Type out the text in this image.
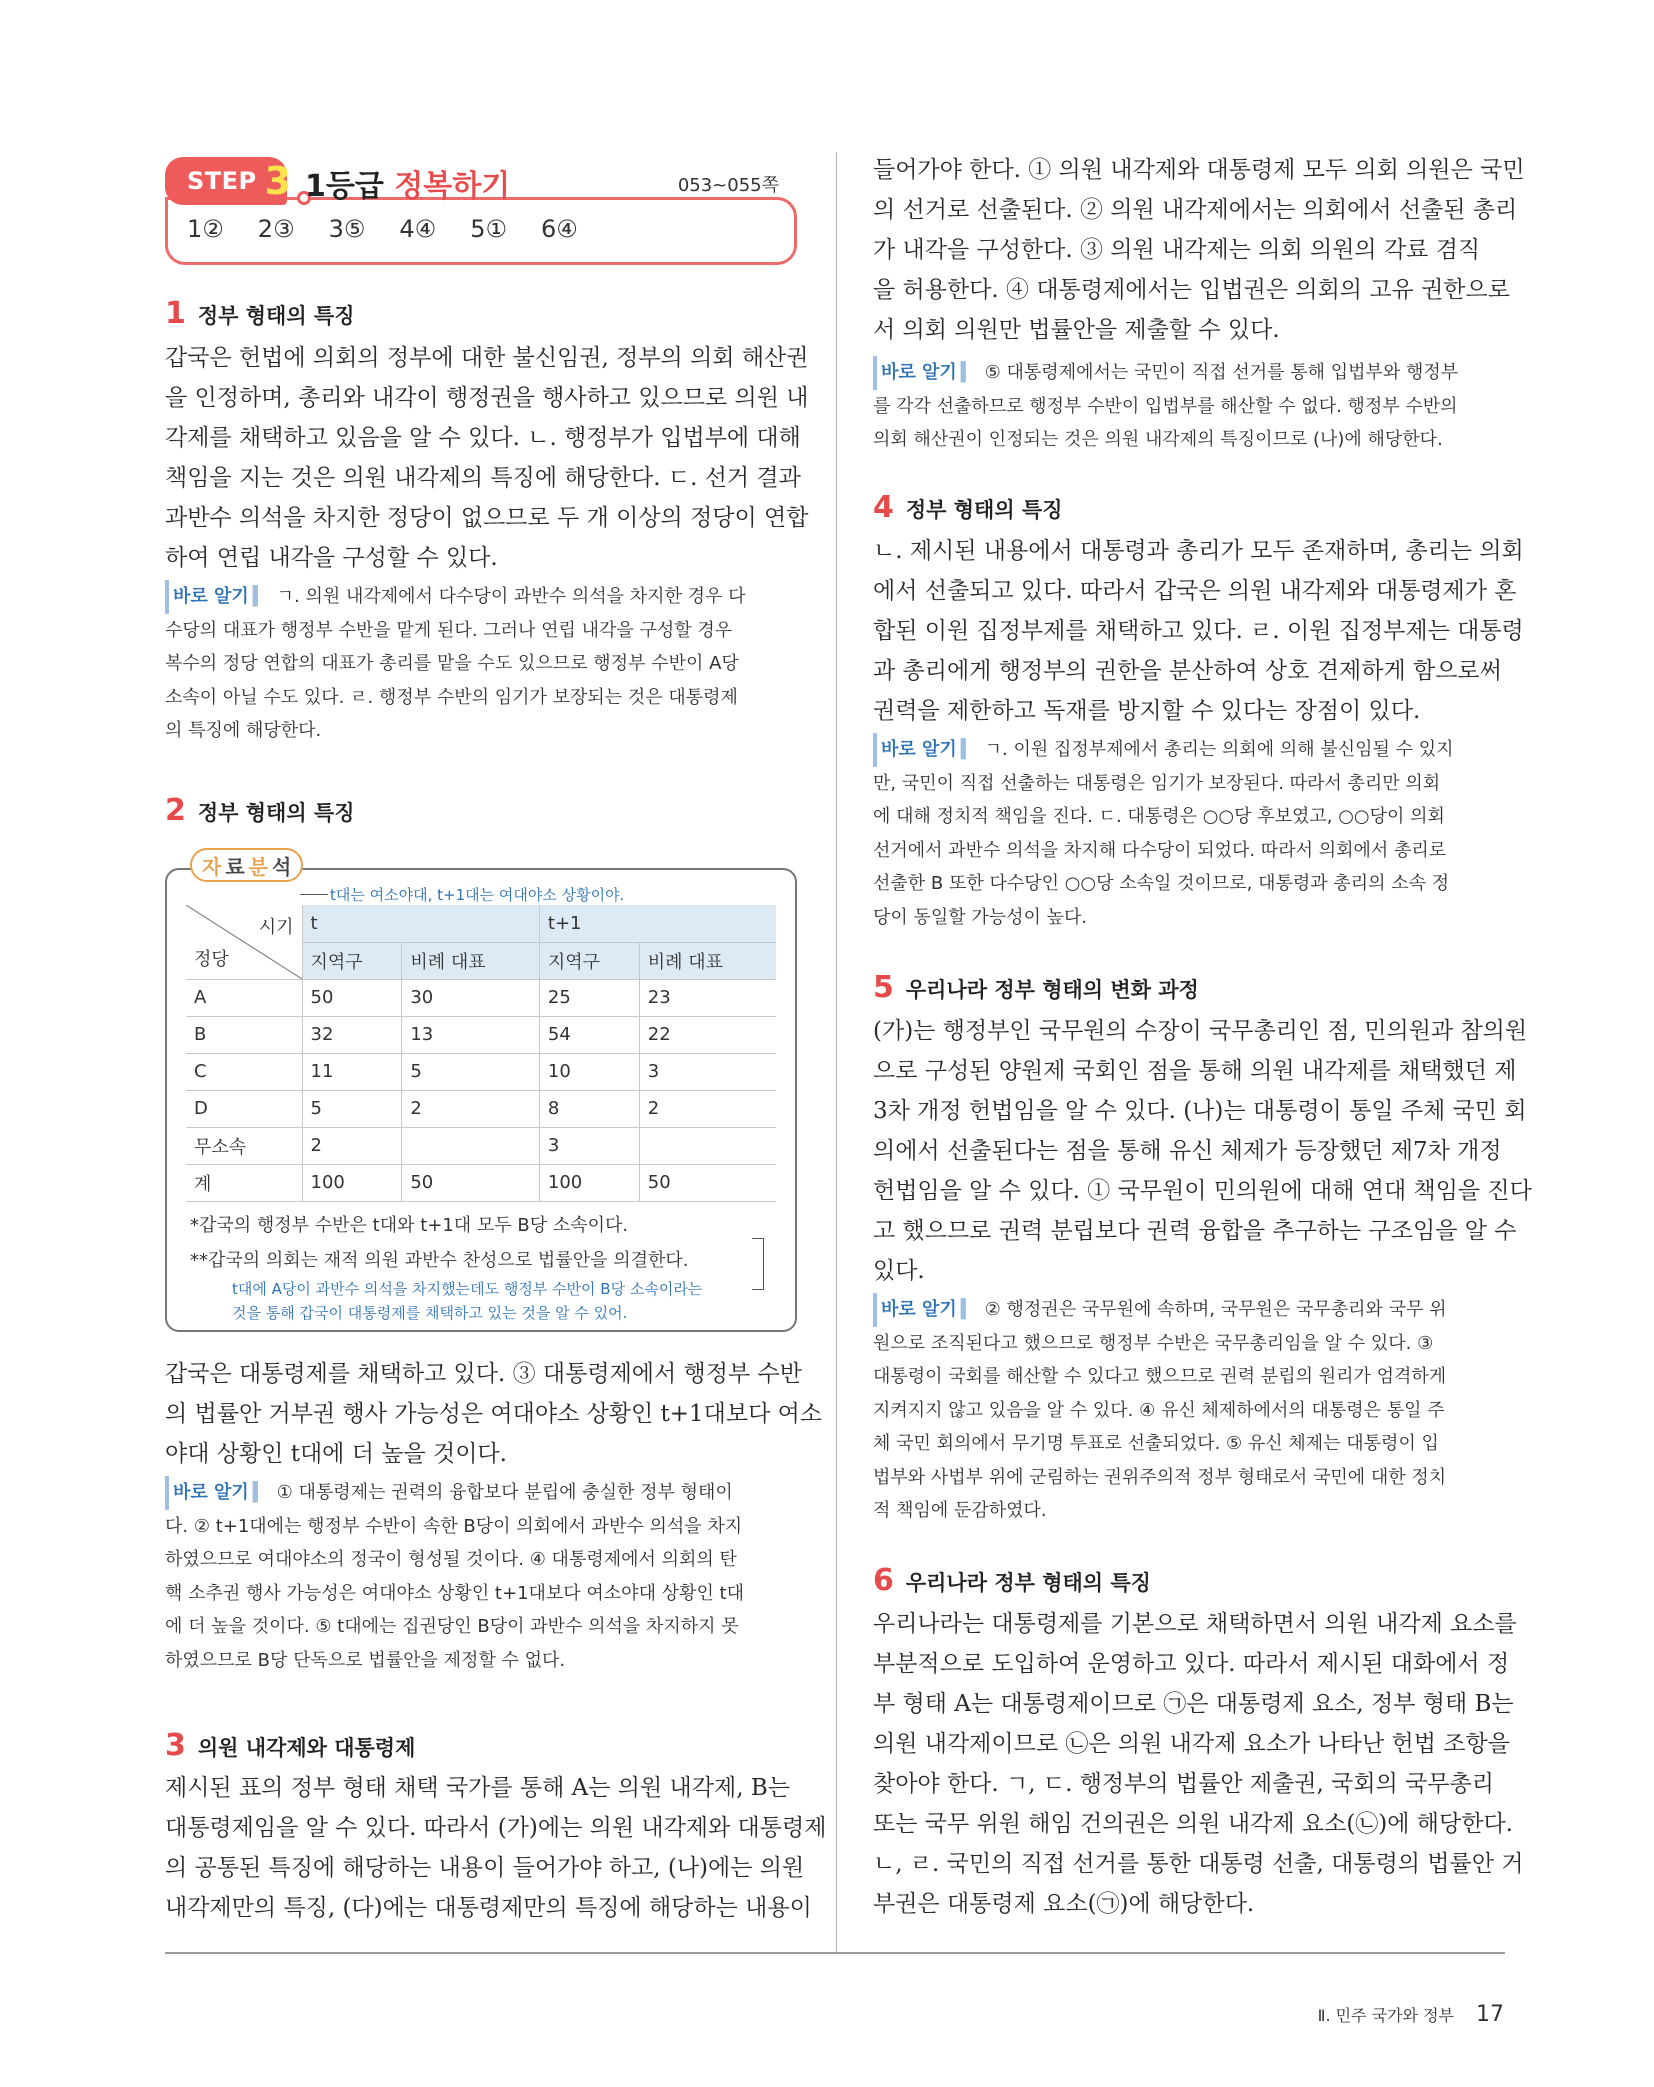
STEP 3 1등급 정복하기	053~055쪽
1② 2③ 3⑤ 4④ 5① 6④
1 정부 형태의 특징
갑국은 헌법에 의회의 정부에 대한 불신임권, 정부의 의회 해산권
을 인정하며, 총리와 내각이 행정권을 행사하고 있으므로 의원 내
각제를 채택하고 있음을 알 수 있다. ㄴ. 행정부가 입법부에 대해
책임을 지는 것은 의원 내각제의 특징에 해당한다. ㄷ. 선거 결과
과반수 의석을 차지한 정당이 없으므로 두 개 이상의 정당이 연합
하여 연립 내각을 구성할 수 있다.
바로 알기 ▍ ㄱ. 의원 내각제에서 다수당이 과반수 의석을 차지한 경우 다
수당의 대표가 행정부 수반을 맡게 된다. 그러나 연립 내각을 구성할 경우
복수의 정당 연합의 대표가 총리를 맡을 수도 있으므로 행정부 수반이 A당
소속이 아닐 수도 있다. ㄹ. 행정부 수반의 임기가 보장되는 것은 대통령제
의 특징에 해당한다.
2 정부 형태의 특징
자 료 분 석
t대는 여소야대, t+1대는 여대야소 상황이야.
시기
정당	t		t+1	
	지역구	비례 대표	지역구	비례 대표
A	50	30	25	23
B	32	13	54	22
C	11	5	10	3
D	5	2	8	2
무소속	2		3	
계	100	50	100	50
*갑국의 행정부 수반은 t대와 t+1대 모두 B당 소속이다.
**갑국의 의회는 재적 의원 과반수 찬성으로 법률안을 의결한다.
t대에 A당이 과반수 의석을 차지했는데도 행정부 수반이 B당 소속이라는
것을 통해 갑국이 대통령제를 채택하고 있는 것을 알 수 있어.
갑국은 대통령제를 채택하고 있다. ③ 대통령제에서 행정부 수반
의 법률안 거부권 행사 가능성은 여대야소 상황인 t+1대보다 여소
야대 상황인 t대에 더 높을 것이다.
바로 알기 ▍ ① 대통령제는 권력의 융합보다 분립에 충실한 정부 형태이
다. ② t+1대에는 행정부 수반이 속한 B당이 의회에서 과반수 의석을 차지
하였으므로 여대야소의 정국이 형성될 것이다. ④ 대통령제에서 의회의 탄
핵 소추권 행사 가능성은 여대야소 상황인 t+1대보다 여소야대 상황인 t대
에 더 높을 것이다. ⑤ t대에는 집권당인 B당이 과반수 의석을 차지하지 못
하였으므로 B당 단독으로 법률안을 제정할 수 없다.
3 의원 내각제와 대통령제
제시된 표의 정부 형태 채택 국가를 통해 A는 의원 내각제, B는
대통령제임을 알 수 있다. 따라서 (가)에는 의원 내각제와 대통령제
의 공통된 특징에 해당하는 내용이 들어가야 하고, (나)에는 의원
내각제만의 특징, (다)에는 대통령제만의 특징에 해당하는 내용이
들어가야 한다. ① 의원 내각제와 대통령제 모두 의회 의원은 국민
의 선거로 선출된다. ② 의원 내각제에서는 의회에서 선출된 총리
가 내각을 구성한다. ③ 의원 내각제는 의회 의원의 각료 겸직
을 허용한다. ④ 대통령제에서는 입법권은 의회의 고유 권한으로
서 의회 의원만 법률안을 제출할 수 있다.
바로 알기 ▍ ⑤ 대통령제에서는 국민이 직접 선거를 통해 입법부와 행정부
를 각각 선출하므로 행정부 수반이 입법부를 해산할 수 없다. 행정부 수반의
의회 해산권이 인정되는 것은 의원 내각제의 특징이므로 (나)에 해당한다.
4 정부 형태의 특징
ㄴ. 제시된 내용에서 대통령과 총리가 모두 존재하며, 총리는 의회
에서 선출되고 있다. 따라서 갑국은 의원 내각제와 대통령제가 혼
합된 이원 집정부제를 채택하고 있다. ㄹ. 이원 집정부제는 대통령
과 총리에게 행정부의 권한을 분산하여 상호 견제하게 함으로써
권력을 제한하고 독재를 방지할 수 있다는 장점이 있다.
바로 알기 ▍ ㄱ. 이원 집정부제에서 총리는 의회에 의해 불신임될 수 있지
만, 국민이 직접 선출하는 대통령은 임기가 보장된다. 따라서 총리만 의회
에 대해 정치적 책임을 진다. ㄷ. 대통령은 ○○당 후보였고, ○○당이 의회
선거에서 과반수 의석을 차지해 다수당이 되었다. 따라서 의회에서 총리로
선출한 B 또한 다수당인 ○○당 소속일 것이므로, 대통령과 총리의 소속 정
당이 동일할 가능성이 높다.
5 우리나라 정부 형태의 변화 과정
(가)는 행정부인 국무원의 수장이 국무총리인 점, 민의원과 참의원
으로 구성된 양원제 국회인 점을 통해 의원 내각제를 채택했던 제
3차 개정 헌법임을 알 수 있다. (나)는 대통령이 통일 주체 국민 회
의에서 선출된다는 점을 통해 유신 체제가 등장했던 제7차 개정
헌법임을 알 수 있다. ① 국무원이 민의원에 대해 연대 책임을 진다
고 했으므로 권력 분립보다 권력 융합을 추구하는 구조임을 알 수
있다.
바로 알기 ▍ ② 행정권은 국무원에 속하며, 국무원은 국무총리와 국무 위
원으로 조직된다고 했으므로 행정부 수반은 국무총리임을 알 수 있다. ③
대통령이 국회를 해산할 수 있다고 했으므로 권력 분립의 원리가 엄격하게
지켜지지 않고 있음을 알 수 있다. ④ 유신 체제하에서의 대통령은 통일 주
체 국민 회의에서 무기명 투표로 선출되었다. ⑤ 유신 체제는 대통령이 입
법부와 사법부 위에 군림하는 권위주의적 정부 형태로서 국민에 대한 정치
적 책임에 둔감하였다.
6 우리나라 정부 형태의 특징
우리나라는 대통령제를 기본으로 채택하면서 의원 내각제 요소를
부분적으로 도입하여 운영하고 있다. 따라서 제시된 대화에서 정
부 형태 A는 대통령제이므로 ㉠은 대통령제 요소, 정부 형태 B는
의원 내각제이므로 ㉡은 의원 내각제 요소가 나타난 헌법 조항을
찾아야 한다. ㄱ, ㄷ. 행정부의 법률안 제출권, 국회의 국무총리
또는 국무 위원 해임 건의권은 의원 내각제 요소(㉡)에 해당한다.
ㄴ, ㄹ. 국민의 직접 선거를 통한 대통령 선출, 대통령의 법률안 거
부권은 대통령제 요소(㉠)에 해당한다.
Ⅱ. 민주 국가와 정부 17
